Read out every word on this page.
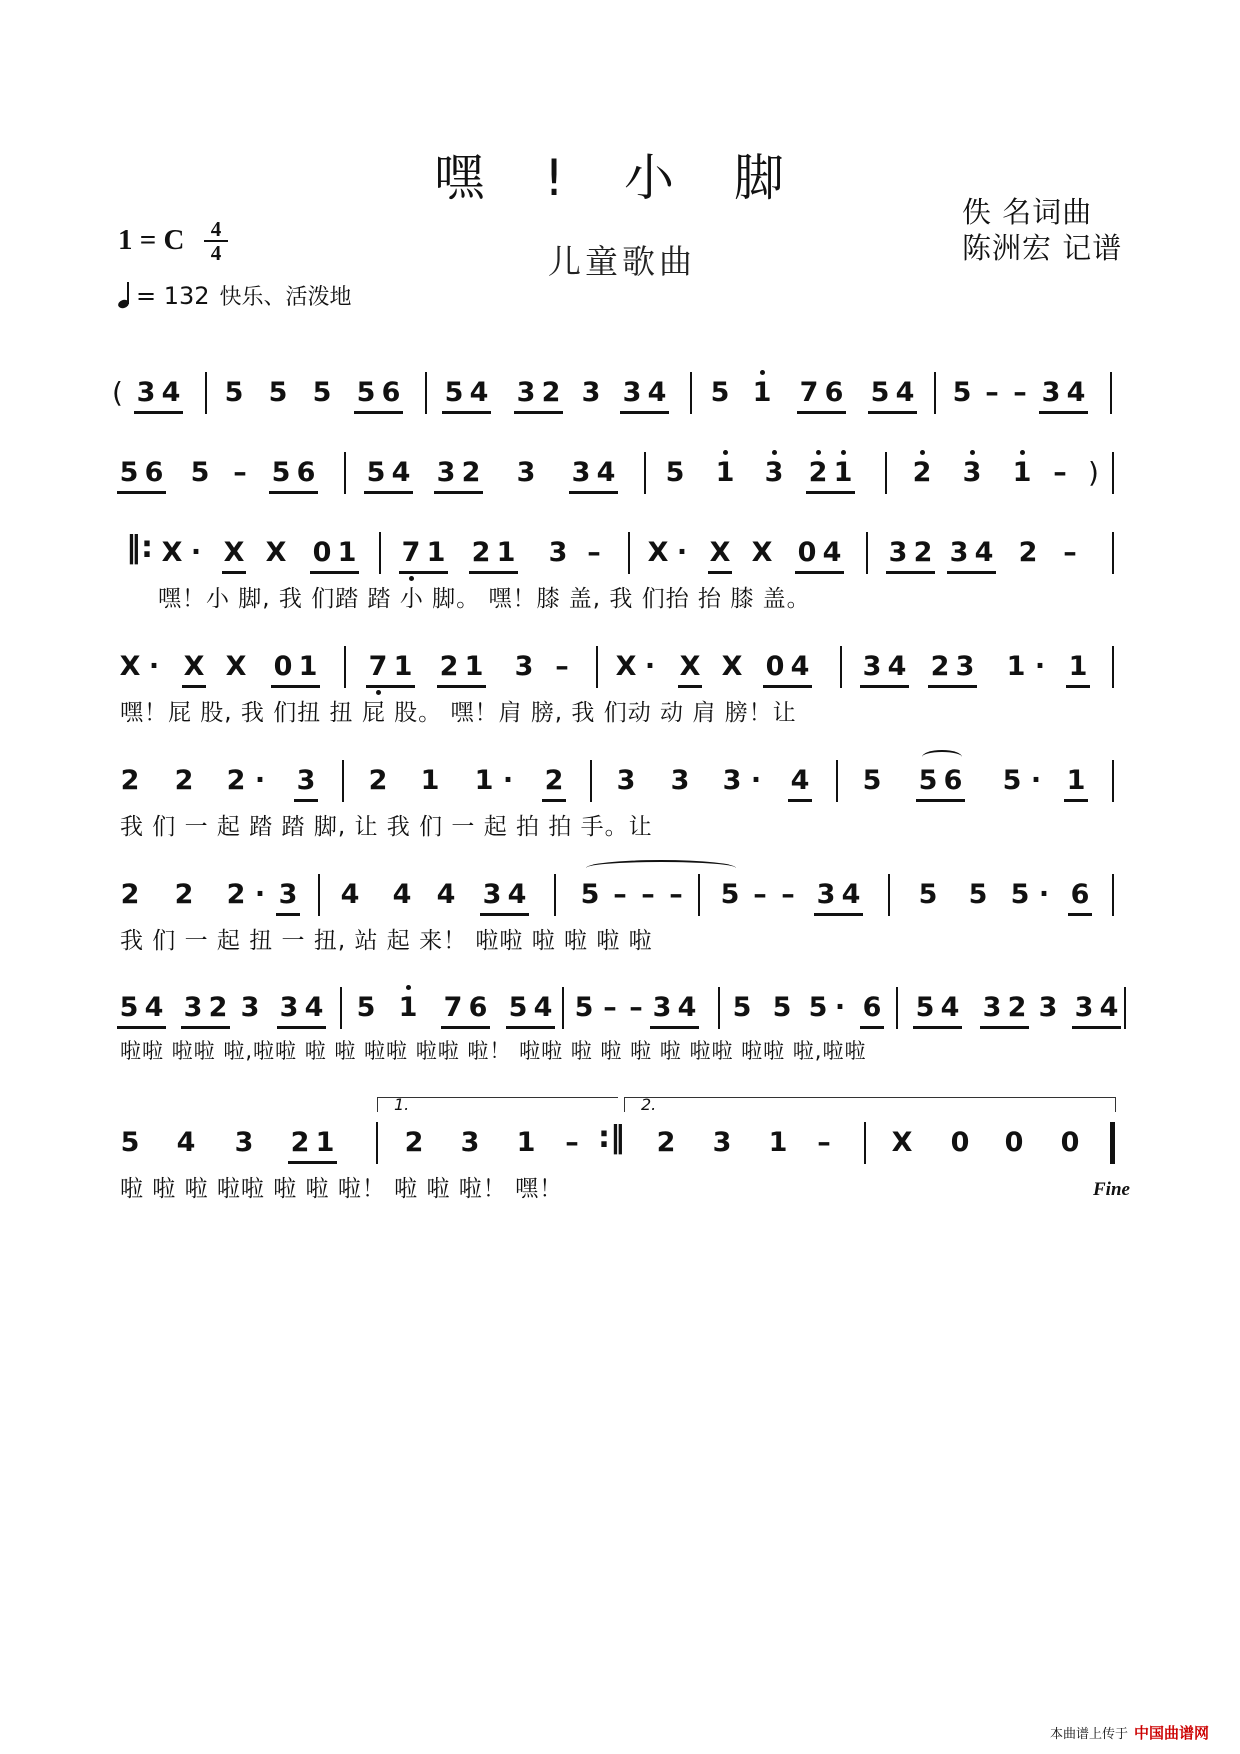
嘿 ! 小 脚
儿童歌曲
佚 名词曲
陈洲宏 记谱
1 = C	4
4
= 132 快乐、活泼地
( 3 4 5 5 5 5 6 5 4 3 2 3 3 4 5 1 7 6 5 4 5 – – 3 4
5 6 5 – 5 6 5 4 3 2 3 3 4 5 1 3 2 1 2 3 1 – )
‖: X · X X 0 1 7 1 2 1 3 –	X · X X 0 4 3 2 3 4 2 –
X · X X 0 1 7 1 2 1 3 –	X · X X 0 4 3 4 2 3 1 · 1
2 2 2 ·	3 2 1 1 ·	2 3 3 3 ·	4 5 5 6 5 · 1
2 2 2 · 3 4 4 4 3 4 5 – – –	5 – – 3 4 5 5 5 · 6
5 4 3 2 3 3 4 5 1 7 6 5 4 5 – – 3 4 5 5 5 · 6 5 4 3 2 3 3 4
5 4 3 2 1	2 3 1	–	2 3 1	–	X 0 0 0
:‖
嘿！小 脚, 我 们踏 踏 小 脚。 嘿！膝 盖, 我 们抬 抬 膝 盖。
嘿！屁 股, 我 们扭 扭 屁 股。 嘿！肩 膀, 我 们动 动 肩 膀！让
我 们 一 起 踏 踏 脚, 让 我 们 一 起 拍 拍 手。让
我 们 一 起 扭 一 扭, 站 起 来！ 啦啦 啦 啦 啦 啦
啦啦 啦啦 啦,啦啦 啦 啦 啦啦 啦啦 啦！ 啦啦 啦 啦 啦 啦 啦啦 啦啦 啦,啦啦
啦 啦 啦 啦啦 啦 啦 啦！ 啦 啦 啦！ 嘿！
1.	2.
Fine
本曲谱上传于 中国曲谱网
